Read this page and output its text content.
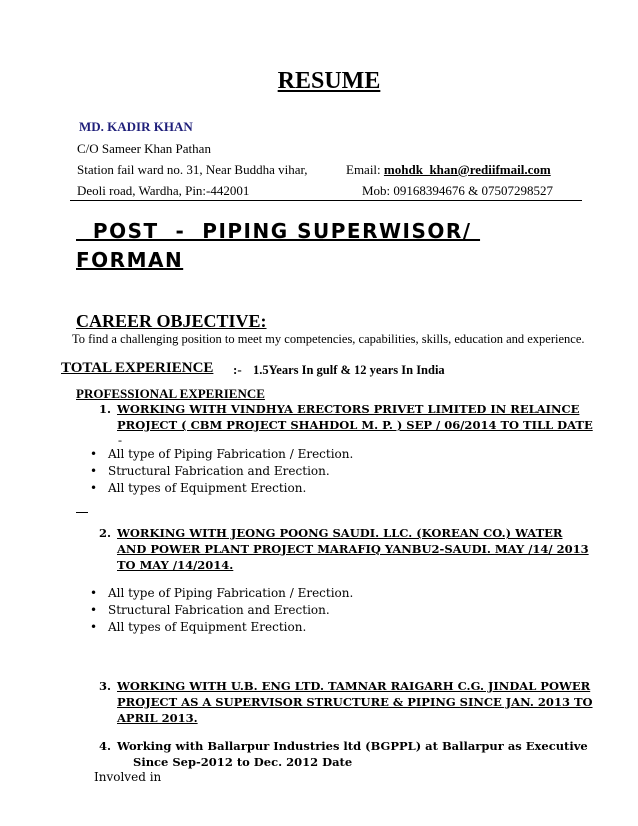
RESUME
MD. KADIR KHAN
C/O Sameer Khan Pathan
Station fail ward no. 31, Near Buddha vihar,	Email: mohdk_khan@rediifmail.com
Deoli road, Wardha, Pin:-442001	Mob: 09168394676 & 07507298527
POST  -  PIPING SUPERWISOR/
FORMAN
CAREER OBJECTIVE:
To find a challenging position to meet my competencies, capabilities, skills, education and experience.
TOTAL EXPERIENCE :- 1.5Years In gulf & 12 years In India
PROFESSIONAL EXPERIENCE
1. WORKING WITH VINDHYA ERECTORS PRIVET LIMITED IN RELAINCE
PROJECT ( CBM PROJECT SHAHDOL M. P. ) SEP / 06/2014 TO TILL DATE
-
• All type of Piping Fabrication / Erection.
• Structural Fabrication and Erection.
• All types of Equipment Erection.
2. WORKING WITH JEONG POONG SAUDI. LLC. (KOREAN CO.) WATER
AND POWER PLANT PROJECT MARAFIQ YANBU2-SAUDI. MAY /14/ 2013
TO MAY /14/2014.
• All type of Piping Fabrication / Erection.
• Structural Fabrication and Erection.
• All types of Equipment Erection.
3. WORKING WITH U.B. ENG LTD. TAMNAR RAIGARH C.G. JINDAL POWER
PROJECT AS A SUPERVISOR STRUCTURE & PIPING SINCE JAN. 2013 TO
APRIL 2013.
4. Working with Ballarpur Industries ltd (BGPPL) at Ballarpur as Executive
Since Sep-2012 to Dec. 2012 Date
Involved in
